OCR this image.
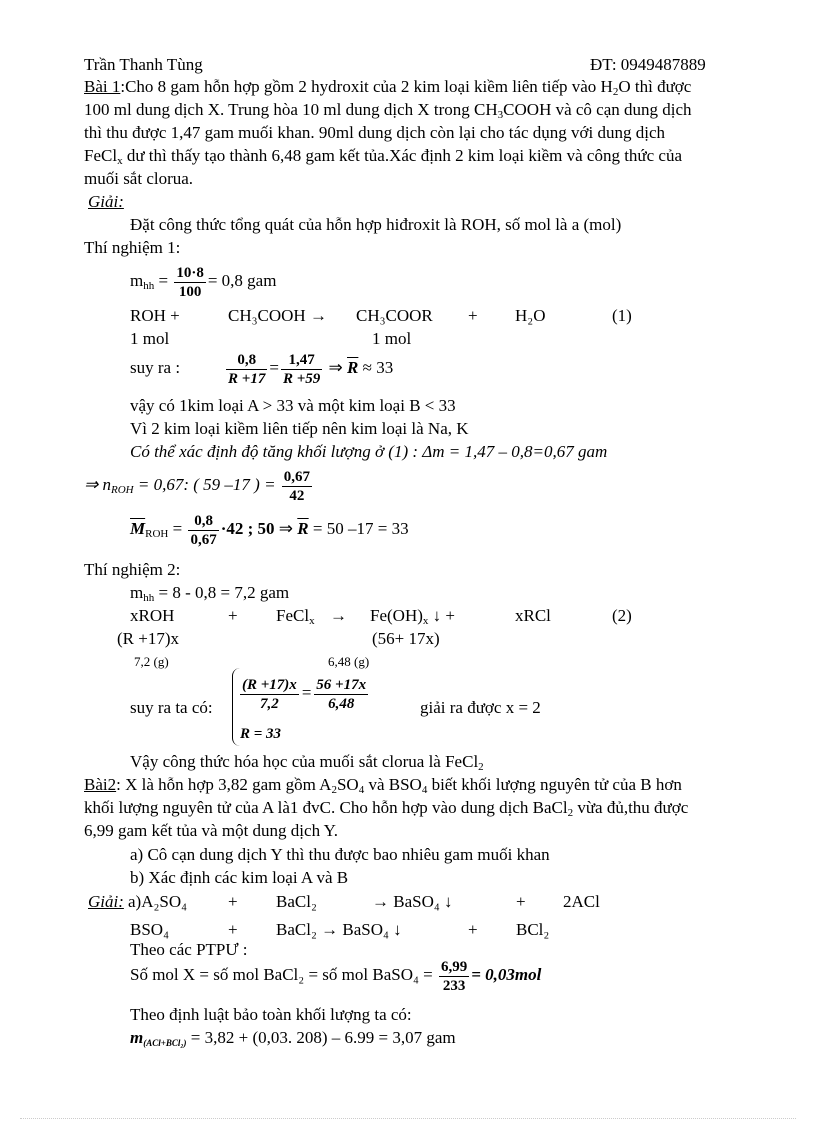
Trần Thanh Tùng	ĐT: 0949487889
Bài 1:Cho 8 gam hỗn hợp gồm 2 hydroxit của 2 kim loại kiềm liên tiếp vào $H_2O$ thì được
100 ml dung dịch X. Trung hòa 10 ml dung dịch X trong $CH_3COOH$ và cô cạn dung dịch
thì thu được 1,47 gam muối khan. 90ml dung dịch còn lại cho tác dụng với dung dịch
FeCl$_x$ dư thì thấy tạo thành 6,48 gam kết tủa.Xác định 2 kim loại kiềm và công thức của
muối sắt clorua.
Giải:
Đặt công thức tổng quát của hỗn hợp hiđroxit là ROH, số mol là a (mol)
Thí nghiệm 1:
$m_{hh} = \frac{10\cdot 8}{100} = 0,8$ gam
ROH +	CH₃COOH → CH₃COOR + H₂O	(1)
1 mol	1 mol
suy ra :	$\frac{0,8}{R +17} = \frac{1,47}{R +59}$ ⇒ $\overline{R} \approx 33$
vậy có 1kim loại A > 33 và một kim loại B < 33
Vì 2 kim loại kiềm liên tiếp nên kim loại là Na, K
Có thể xác định độ tăng khối lượng ở (1) : Δm = 1,47 – 0,8=0,67 gam
⇒ $n_{ROH} = 0,67$: ( 59 –17 ) = $\frac{0,67}{42}$
$\overline{M}_{ROH} = \frac{0,8}{0,67} \cdot 42$ ; 50 ⇒ $\overline{R} = 50$ –17 = 33
Thí nghiệm 2:
$m_{hh} = 8 - 0,8 = 7,2$ gam
xROH	+ FeCl$_x$ → $Fe(OH)_x$ ↓ +	xRCl	(2)
(R +17)x	(56+ 17x)
7,2 (g)	6,48 (g)
suy ra ta có: $\frac{(R +17)x}{7,2} = \frac{56 +17x}{6,48}$
R = 33
giải ra được x = 2
Vậy công thức hóa học của muối sắt clorua là FeCl$_2$
Bài2: X là hỗn hợp 3,82 gam gồm $A_2SO_4$ và $BSO_4$ biết khối lượng nguyên tử của B hơn
khối lượng nguyên tử của A là1 đvC. Cho hỗn hợp vào dung dịch BaCl$_2$ vừa đủ,thu được
6,99 gam kết tủa và một dung dịch Y.
a) Cô cạn dung dịch Y thì thu được bao nhiêu gam muối khan
b) Xác định các kim loại A và B
Giải: a)A₂SO₄ + BaCl₂	→ BaSO₄ ↓	+ 2ACl
BSO₄	+ BaCl₂ → BaSO₄ ↓	+ BCl₂
Theo các PTPƯ :
Số mol X = số mol BaCl₂ = số mol BaSO₄ = $\frac{6,99}{233} = 0,03mol$
Theo định luật bảo toàn khối lượng ta có:
$m_{(ACl+BCl_2)} = 3,82 + (0,03$. 208) – 6.99 = 3,07 gam
